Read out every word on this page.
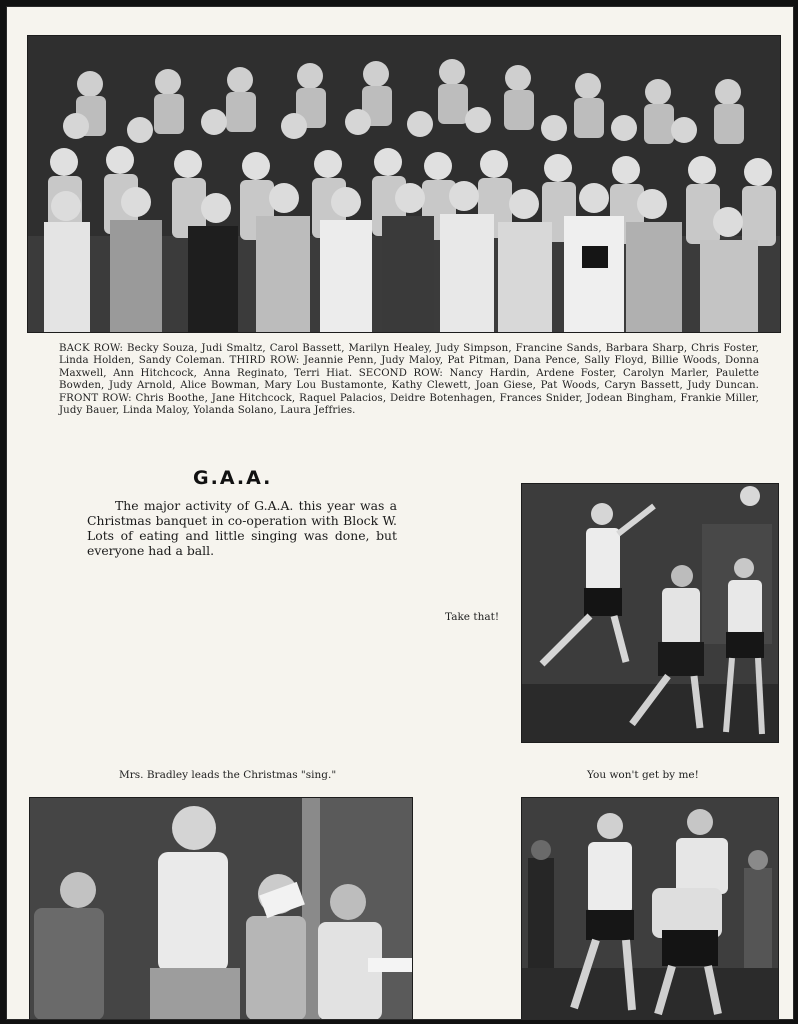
BACK ROW: Becky Souza, Judi Smaltz, Carol Bassett, Marilyn Healey, Judy Simpson, Francine Sands, Barbara Sharp, Chris Foster, Linda Holden, Sandy Coleman. THIRD ROW: Jeannie Penn, Judy Maloy, Pat Pitman, Dana Pence, Sally Floyd, Billie Woods, Donna Maxwell, Ann Hitchcock, Anna Reginato, Terri Hiat. SECOND ROW: Nancy Hardin, Ardene Foster, Carolyn Marler, Paulette Bowden, Judy Arnold, Alice Bowman, Mary Lou Bustamonte, Kathy Clewett, Joan Giese, Pat Woods, Caryn Bassett, Judy Duncan. FRONT ROW: Chris Boothe, Jane Hitchcock, Raquel Palacios, Deidre Botenhagen, Frances Snider, Jodean Bingham, Frankie Miller, Judy Bauer, Linda Maloy, Yolanda Solano, Laura Jeffries.
G.A.A.
The major activity of G.A.A. this year was a Christmas banquet in co-operation with Block W. Lots of eating and little singing was done, but everyone had a ball.
Take that!
Mrs. Bradley leads the Christmas "sing."	You won't get by me!
